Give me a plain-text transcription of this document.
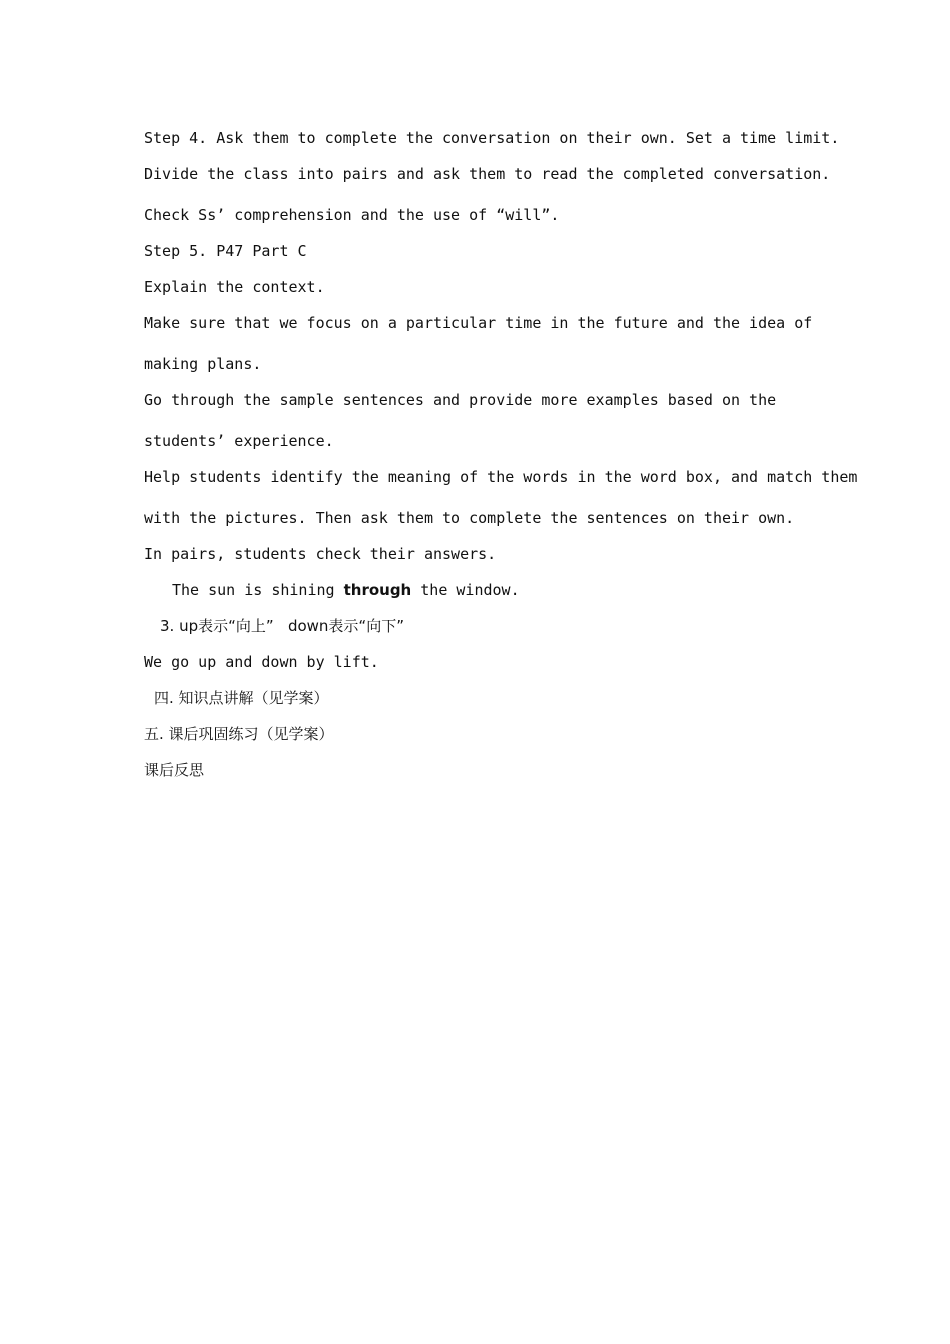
Step 4. Ask them to complete the conversation on their own. Set a time limit.
Divide the class into pairs and ask them to read the completed conversation.
Check Ss’ comprehension and the use of “will”.
Step 5. P47 Part C
Explain the context.
Make sure that we focus on a particular time in the future and the idea of
making plans.
Go through the sample sentences and provide more examples based on the
students’ experience.
Help students identify the meaning of the words in the word box, and match them
with the pictures. Then ask them to complete the sentences on their own.
In pairs, students check their answers.
The sun is shining through the window.
3. up表示“向上”   down表示“向下”
We go up and down by lift.
四. 知识点讲解（见学案）
五. 课后巩固练习（见学案）
课后反思
